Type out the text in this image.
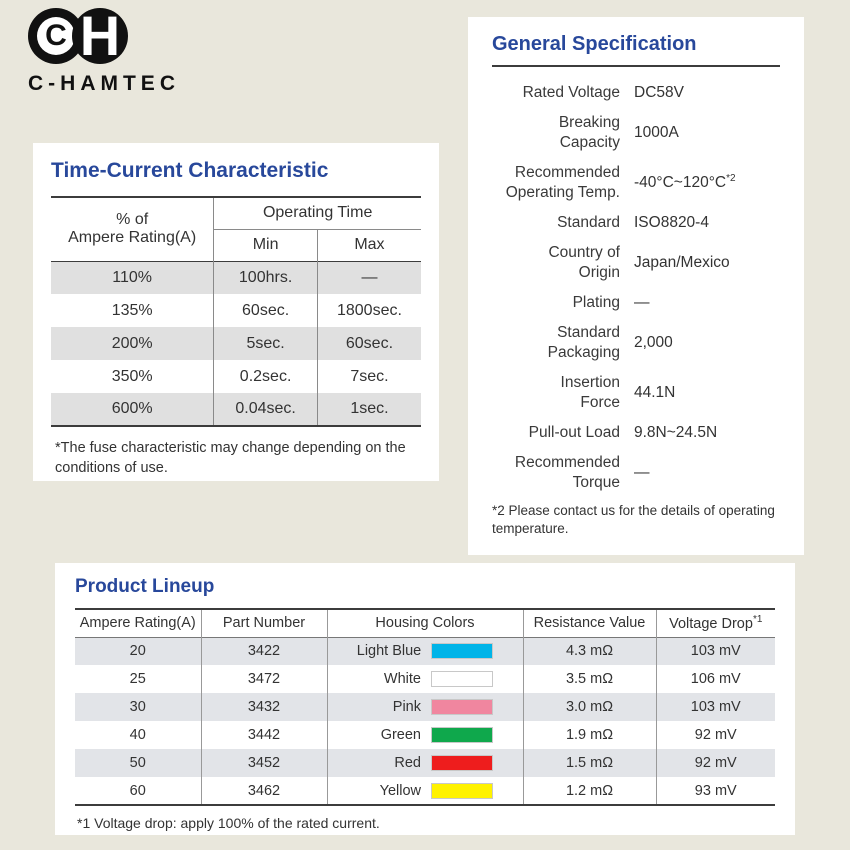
C H
C-HAMTEC
Time-Current Characteristic
% of
Ampere Rating(A)	Operating Time	
	Min	Max
110%	100hrs.	—
135%	60sec.	1800sec.
200%	5sec.	60sec.
350%	0.2sec.	7sec.
600%	0.04sec.	1sec.
*The fuse characteristic may change depending on the conditions of use.
General Specification
Rated Voltage DC58V
Breaking
Capacity
1000A
Recommended
Operating Temp.
$-40^\circ C\sim 120^\circ C^{*2}$
Standard ISO8820-4
Country of
Origin
Japan/Mexico
Plating —
Standard
Packaging
2,000
Insertion
Force
44.1N
Pull-out Load 9.8N~24.5N
Recommended
Torque
—
*2 Please contact us for the details of operating temperature.
Product Lineup
Ampere Rating(A)	Part Number	Housing Colors	Resistance Value	Voltage Drop$^{*1}$
20	3422	Light Blue	4.3 mΩ	103 mV
25	3472	White	3.5 mΩ	106 mV
30	3432	Pink	3.0 mΩ	103 mV
40	3442	Green	1.9 mΩ	92 mV
50	3452	Red	1.5 mΩ	92 mV
60	3462	Yellow	1.2 mΩ	93 mV
*1 Voltage drop: apply 100% of the rated current.
